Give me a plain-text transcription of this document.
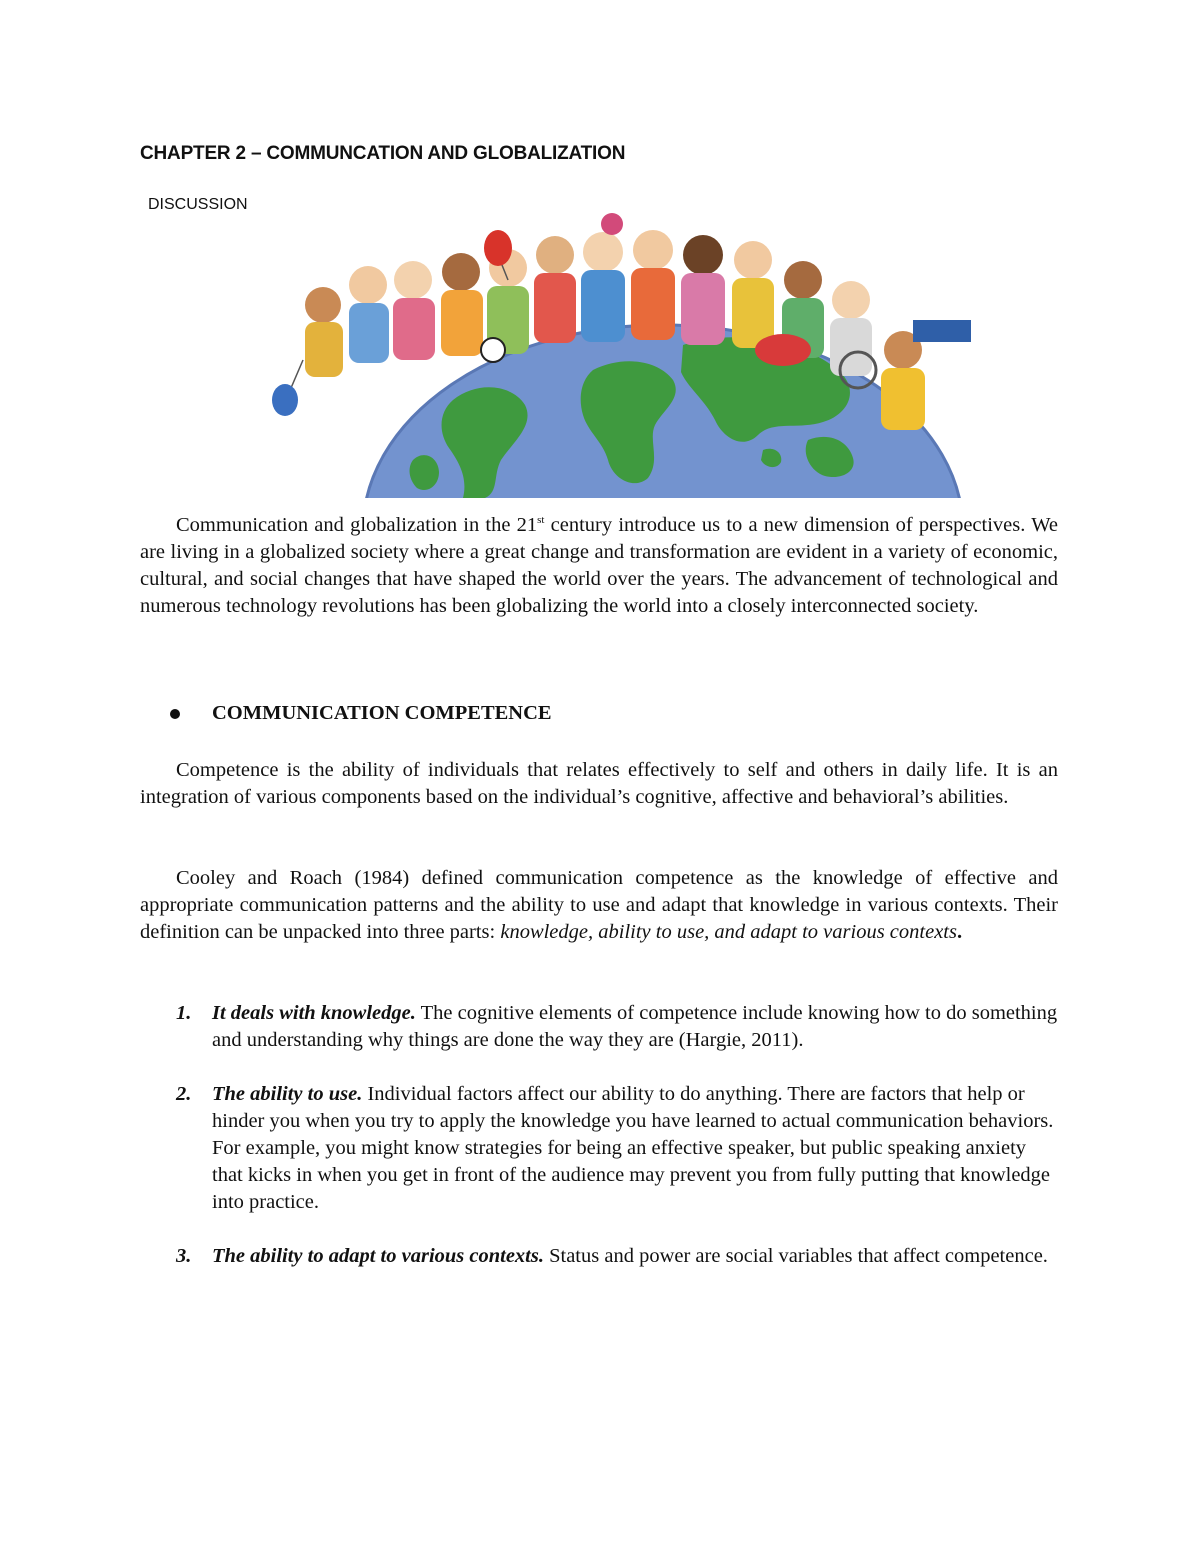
CHAPTER 2 – COMMUNCATION AND GLOBALIZATION
DISCUSSION

Communication and globalization in the 21st century introduce us to a new dimension of perspectives. We are living in a globalized society where a great change and transformation are evident in a variety of economic, cultural, and social changes that have shaped the world over the years. The advancement of technological and numerous technology revolutions has been globalizing the world into a closely interconnected society.

COMMUNICATION COMPETENCE

Competence is the ability of individuals that relates effectively to self and others in daily life. It is an integration of various components based on the individual’s cognitive, affective and behavioral’s abilities.

Cooley and Roach (1984) defined communication competence as the knowledge of effective and appropriate communication patterns and the ability to use and adapt that knowledge in various contexts. Their definition can be unpacked into three parts: knowledge, ability to use, and adapt to various contexts.

1. It deals with knowledge. The cognitive elements of competence include knowing how to do something and understanding why things are done the way they are (Hargie, 2011).
2. The ability to use. Individual factors affect our ability to do anything. There are factors that help or hinder you when you try to apply the knowledge you have learned to actual communication behaviors. For example, you might know strategies for being an effective speaker, but public speaking anxiety that kicks in when you get in front of the audience may prevent you from fully putting that knowledge into practice.
3. The ability to adapt to various contexts. Status and power are social variables that affect competence.
